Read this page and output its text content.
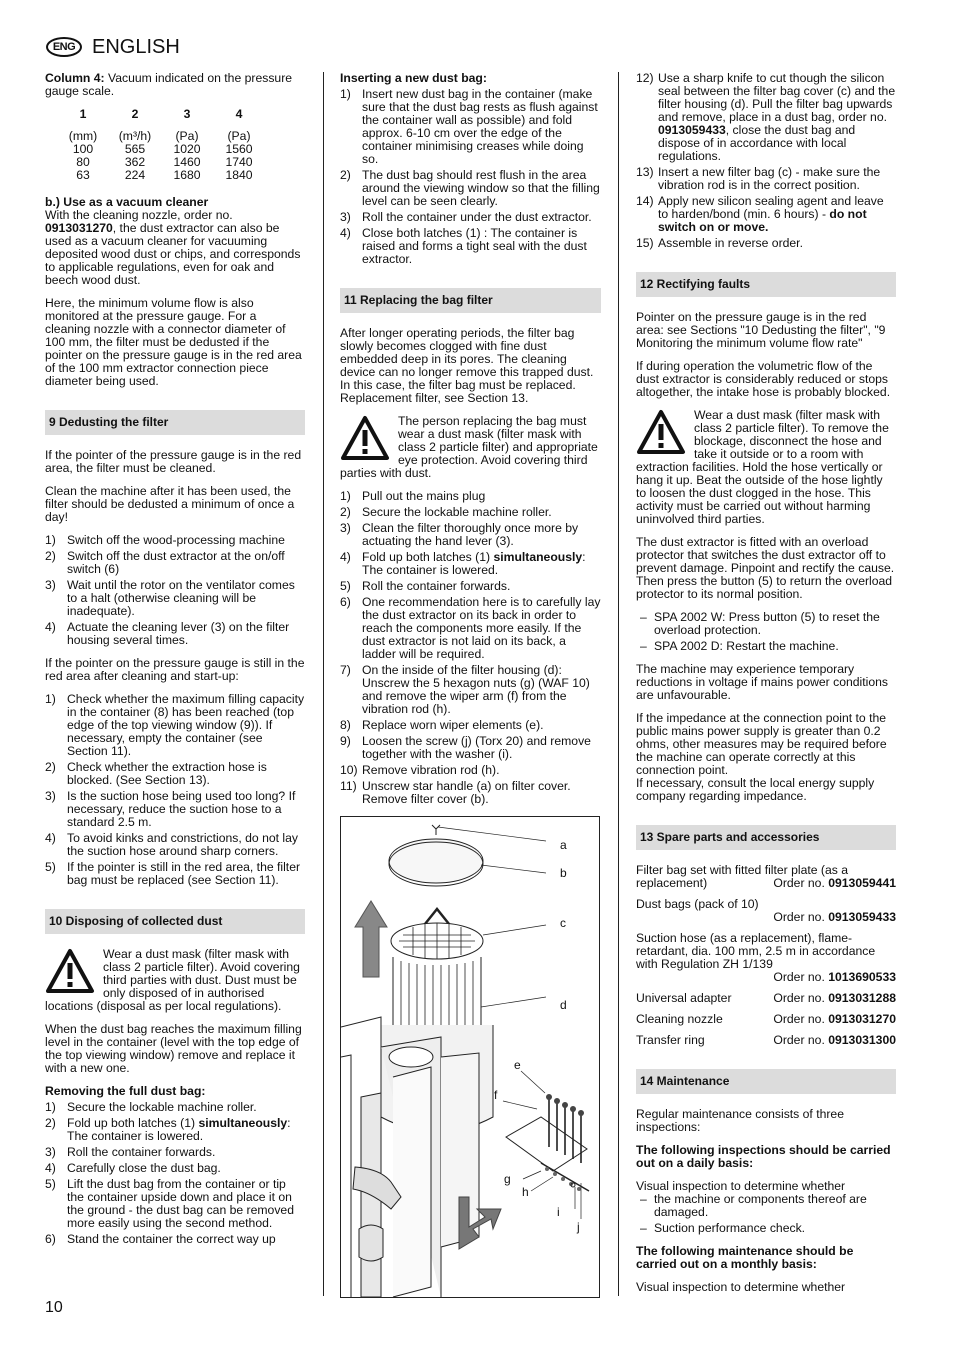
ENG ENGLISH

Column 4: Vacuum indicated on the pressure gauge scale.

1	2	3	4
(mm)	(m³/h)	(Pa)	(Pa)
100	565	1020	1560
80	362	1460	1740
63	224	1680	1840

b.) Use as a vacuum cleaner

With the cleaning nozzle, order no. 0913031270, the dust extractor can also be used as a vacuum cleaner for vacuuming deposited wood dust or chips, and corresponds to applicable regulations, even for oak and beech wood dust.

Here, the minimum volume flow is also monitored at the pressure gauge. For a cleaning nozzle with a connector diameter of 100 mm, the filter must be dedusted if the pointer on the pressure gauge is in the red area of the 100 mm extractor connection piece diameter being used.

9 Dedusting the filter

If the pointer of the pressure gauge is in the red area, the filter must be cleaned.

Clean the machine after it has been used, the filter should be dedusted a minimum of once a day!

1) Switch off the wood-processing machine
2) Switch off the dust extractor at the on/off switch (6)
3) Wait until the rotor on the ventilator comes to a halt (otherwise cleaning will be inadequate).
4) Actuate the cleaning lever (3) on the filter housing several times.

If the pointer on the pressure gauge is still in the red area after cleaning and start-up:

1) Check whether the maximum filling capacity in the container (8) has been reached (top edge of the top viewing window (9)). If necessary, empty the container (see Section 11).
2) Check whether the extraction hose is blocked. (See Section 13).
3) Is the suction hose being used too long? If necessary, reduce the suction hose to a standard 2.5 m.
4) To avoid kinks and constrictions, do not lay the suction hose around sharp corners.
5) If the pointer is still in the red area, the filter bag must be replaced (see Section 11).
10 Disposing of collected dust

Wear a dust mask (filter mask with class 2 particle filter). Avoid covering third parties with dust. Dust must be only disposed of in authorised locations (disposal as per local regulations).

When the dust bag reaches the maximum filling level in the container (level with the top edge of the top viewing window) remove and replace it with a new one.

Removing the full dust bag:

1) Secure the lockable machine roller.
2) Fold up both latches (1) simultaneously: The container is lowered.
3) Roll the container forwards.
4) Carefully close the dust bag.
5) Lift the dust bag from the container or tip the container upside down and place it on the ground - the dust bag can be removed more easily using the second method.
6) Stand the container the correct way up

Inserting a new dust bag:

1) Insert new dust bag in the container (make sure that the dust bag rests as flush against the container wall as possible) and fold approx. 6-10 cm over the edge of the container minimising creases while doing so.
2) The dust bag should rest flush in the area around the viewing window so that the filling level can be seen clearly.
3) Roll the container under the dust extractor.
4) Close both latches (1) : The container is raised and forms a tight seal with the dust extractor.
11 Replacing the bag filter

After longer operating periods, the filter bag slowly becomes clogged with fine dust embedded deep in its pores. The cleaning device can no longer remove this trapped dust. In this case, the filter bag must be replaced. Replacement filter, see Section 13.

The person replacing the bag must wear a dust mask (filter mask with class 2 particle filter) and appropriate eye protection. Avoid covering third parties with dust.

1) Pull out the mains plug
2) Secure the lockable machine roller.
3) Clean the filter thoroughly once more by actuating the hand lever (3).
4) Fold up both latches (1) simultaneously: The container is lowered.
5) Roll the container forwards.
6) One recommendation here is to carefully lay the dust extractor on its back in order to reach the components more easily. If the dust extractor is not laid on its back, a ladder will be required.
7) On the inside of the filter housing (d): Unscrew the 5 hexagon nuts (g) (WAF 10) and remove the wiper arm (f) from the vibration rod (h).
8) Replace worn wiper elements (e).
9) Loosen the screw (j) (Torx 20) and remove together with the washer (i).
10) Remove vibration rod (h).
11) Unscrew star handle (a) on filter cover. Remove filter cover (b).
a
b
c
d
e
f
g
h
i
j
12) Use a sharp knife to cut though the silicon seal between the filter bag cover (c) and the filter housing (d). Pull the filter bag upwards and remove, place in a dust bag, order no. 0913059433, close the dust bag and dispose of in accordance with local regulations.
13) Insert a new filter bag (c) - make sure the vibration rod is in the correct position.
14) Apply new silicon sealing agent and leave to harden/bond (min. 6 hours) - do not switch on or move.
15) Assemble in reverse order.
12 Rectifying faults

Pointer on the pressure gauge is in the red area: see Sections "10 Dedusting the filter", "9 Monitoring the minimum volume flow rate"

If during operation the volumetric flow of the dust extractor is considerably reduced or stops altogether, the intake hose is probably blocked.

Wear a dust mask (filter mask with class 2 particle filter). To remove the blockage, disconnect the hose and take it outside or to a room with extraction facilities. Hold the hose vertically or hang it up. Beat the outside of the hose lightly to loosen the dust clogged in the hose. This activity must be carried out without harming uninvolved third parties.

The dust extractor is fitted with an overload protector that switches the dust extractor off to prevent damage. Pinpoint and rectify the cause. Then press the button (5) to return the overload protector to its normal position.

– SPA 2002 W: Press button (5) to reset the overload protection.
– SPA 2002 D: Restart the machine.

The machine may experience temporary reductions in voltage if mains power conditions are unfavourable.

If the impedance at the connection point to the public mains power supply is greater than 0.2 ohms, other measures may be required before the machine can operate correctly at this connection point.

If necessary, consult the local energy supply company regarding impedance.

13 Spare parts and accessories
Filter bag set with fitted filter plate (as a replacement)	Order no. 0913059441
Dust bags (pack of 10)
Order no. 0913059433
Suction hose (as a replacement), flame-retardant, dia. 100 mm, 2.5 m in accordance with Regulation ZH 1/139
Order no. 1013690533
Universal adapter	Order no. 0913031288
Cleaning nozzle	Order no. 0913031270
Transfer ring	Order no. 0913031300
14 Maintenance

Regular maintenance consists of three inspections:

The following inspections should be carried out on a daily basis:

Visual inspection to determine whether

– the machine or components thereof are damaged.
– Suction performance check.

The following maintenance should be carried out on a monthly basis:

Visual inspection to determine whether

10
